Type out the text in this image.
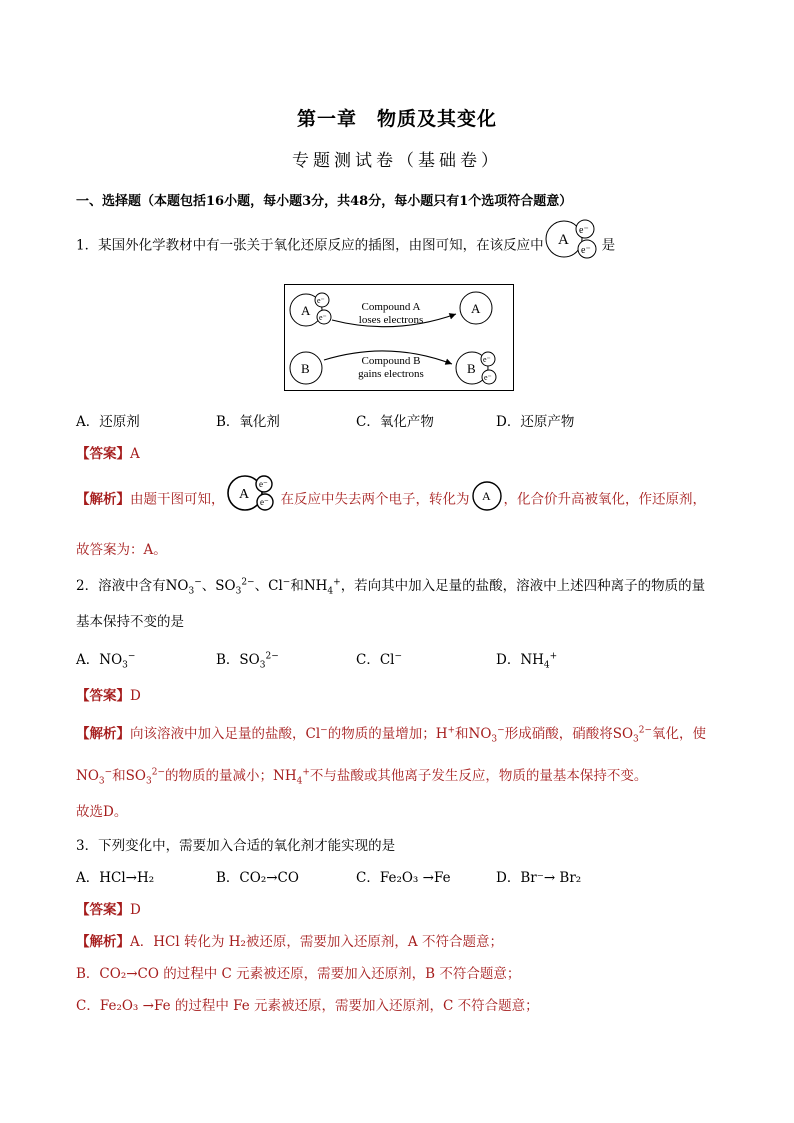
第一章　物质及其变化
专题测试卷（基础卷）
一、选择题（本题包括16小题，每小题3分，共48分，每小题只有1个选项符合题意）
1．某国外化学教材中有一张关于氧化还原反应的插图，由图可知，在该反应中 A
e⁻
e⁻ 是
A
e⁻
e⁻
A
B	B
e⁻
e⁻
Compound A
loses electrons
Compound B
gains electrons
A．还原剂	B．氧化剂	C．氧化产物	D．还原产物
【答案】A
【解析】由题干图可知， A
e⁻
e⁻ 在反应中失去两个电子，转化为 A ，化合价升高被氧化，作还原剂，
故答案为：A。
2．溶液中含有$NO_3^-$、$SO_3^{2-}$、Cl−和$NH_4^+$，若向其中加入足量的盐酸，溶液中上述四种离子的物质的量
基本保持不变的是
A．$NO_3^-$	B．$SO_3^{2-}$	C．Cl−	D．$NH_4^+$
【答案】D
【解析】向该溶液中加入足量的盐酸，Cl−的物质的量增加；H+和$NO_3^-$形成硝酸，硝酸将$SO_3^{2-}$氧化，使
$NO_3^-$和$SO_3^{2-}$的物质的量减小；$NH_4^+$不与盐酸或其他离子发生反应，物质的量基本保持不变。
故选D。
3．下列变化中，需要加入合适的氧化剂才能实现的是
A．HCl→H₂	B．CO₂→CO	C．Fe₂O₃ →Fe	D．Br⁻→ Br₂
【答案】D
【解析】A．HCl 转化为 H₂被还原，需要加入还原剂，A 不符合题意；
B．CO₂→CO 的过程中 C 元素被还原，需要加入还原剂，B 不符合题意；
C．Fe₂O₃ →Fe 的过程中 Fe 元素被还原，需要加入还原剂，C 不符合题意；
